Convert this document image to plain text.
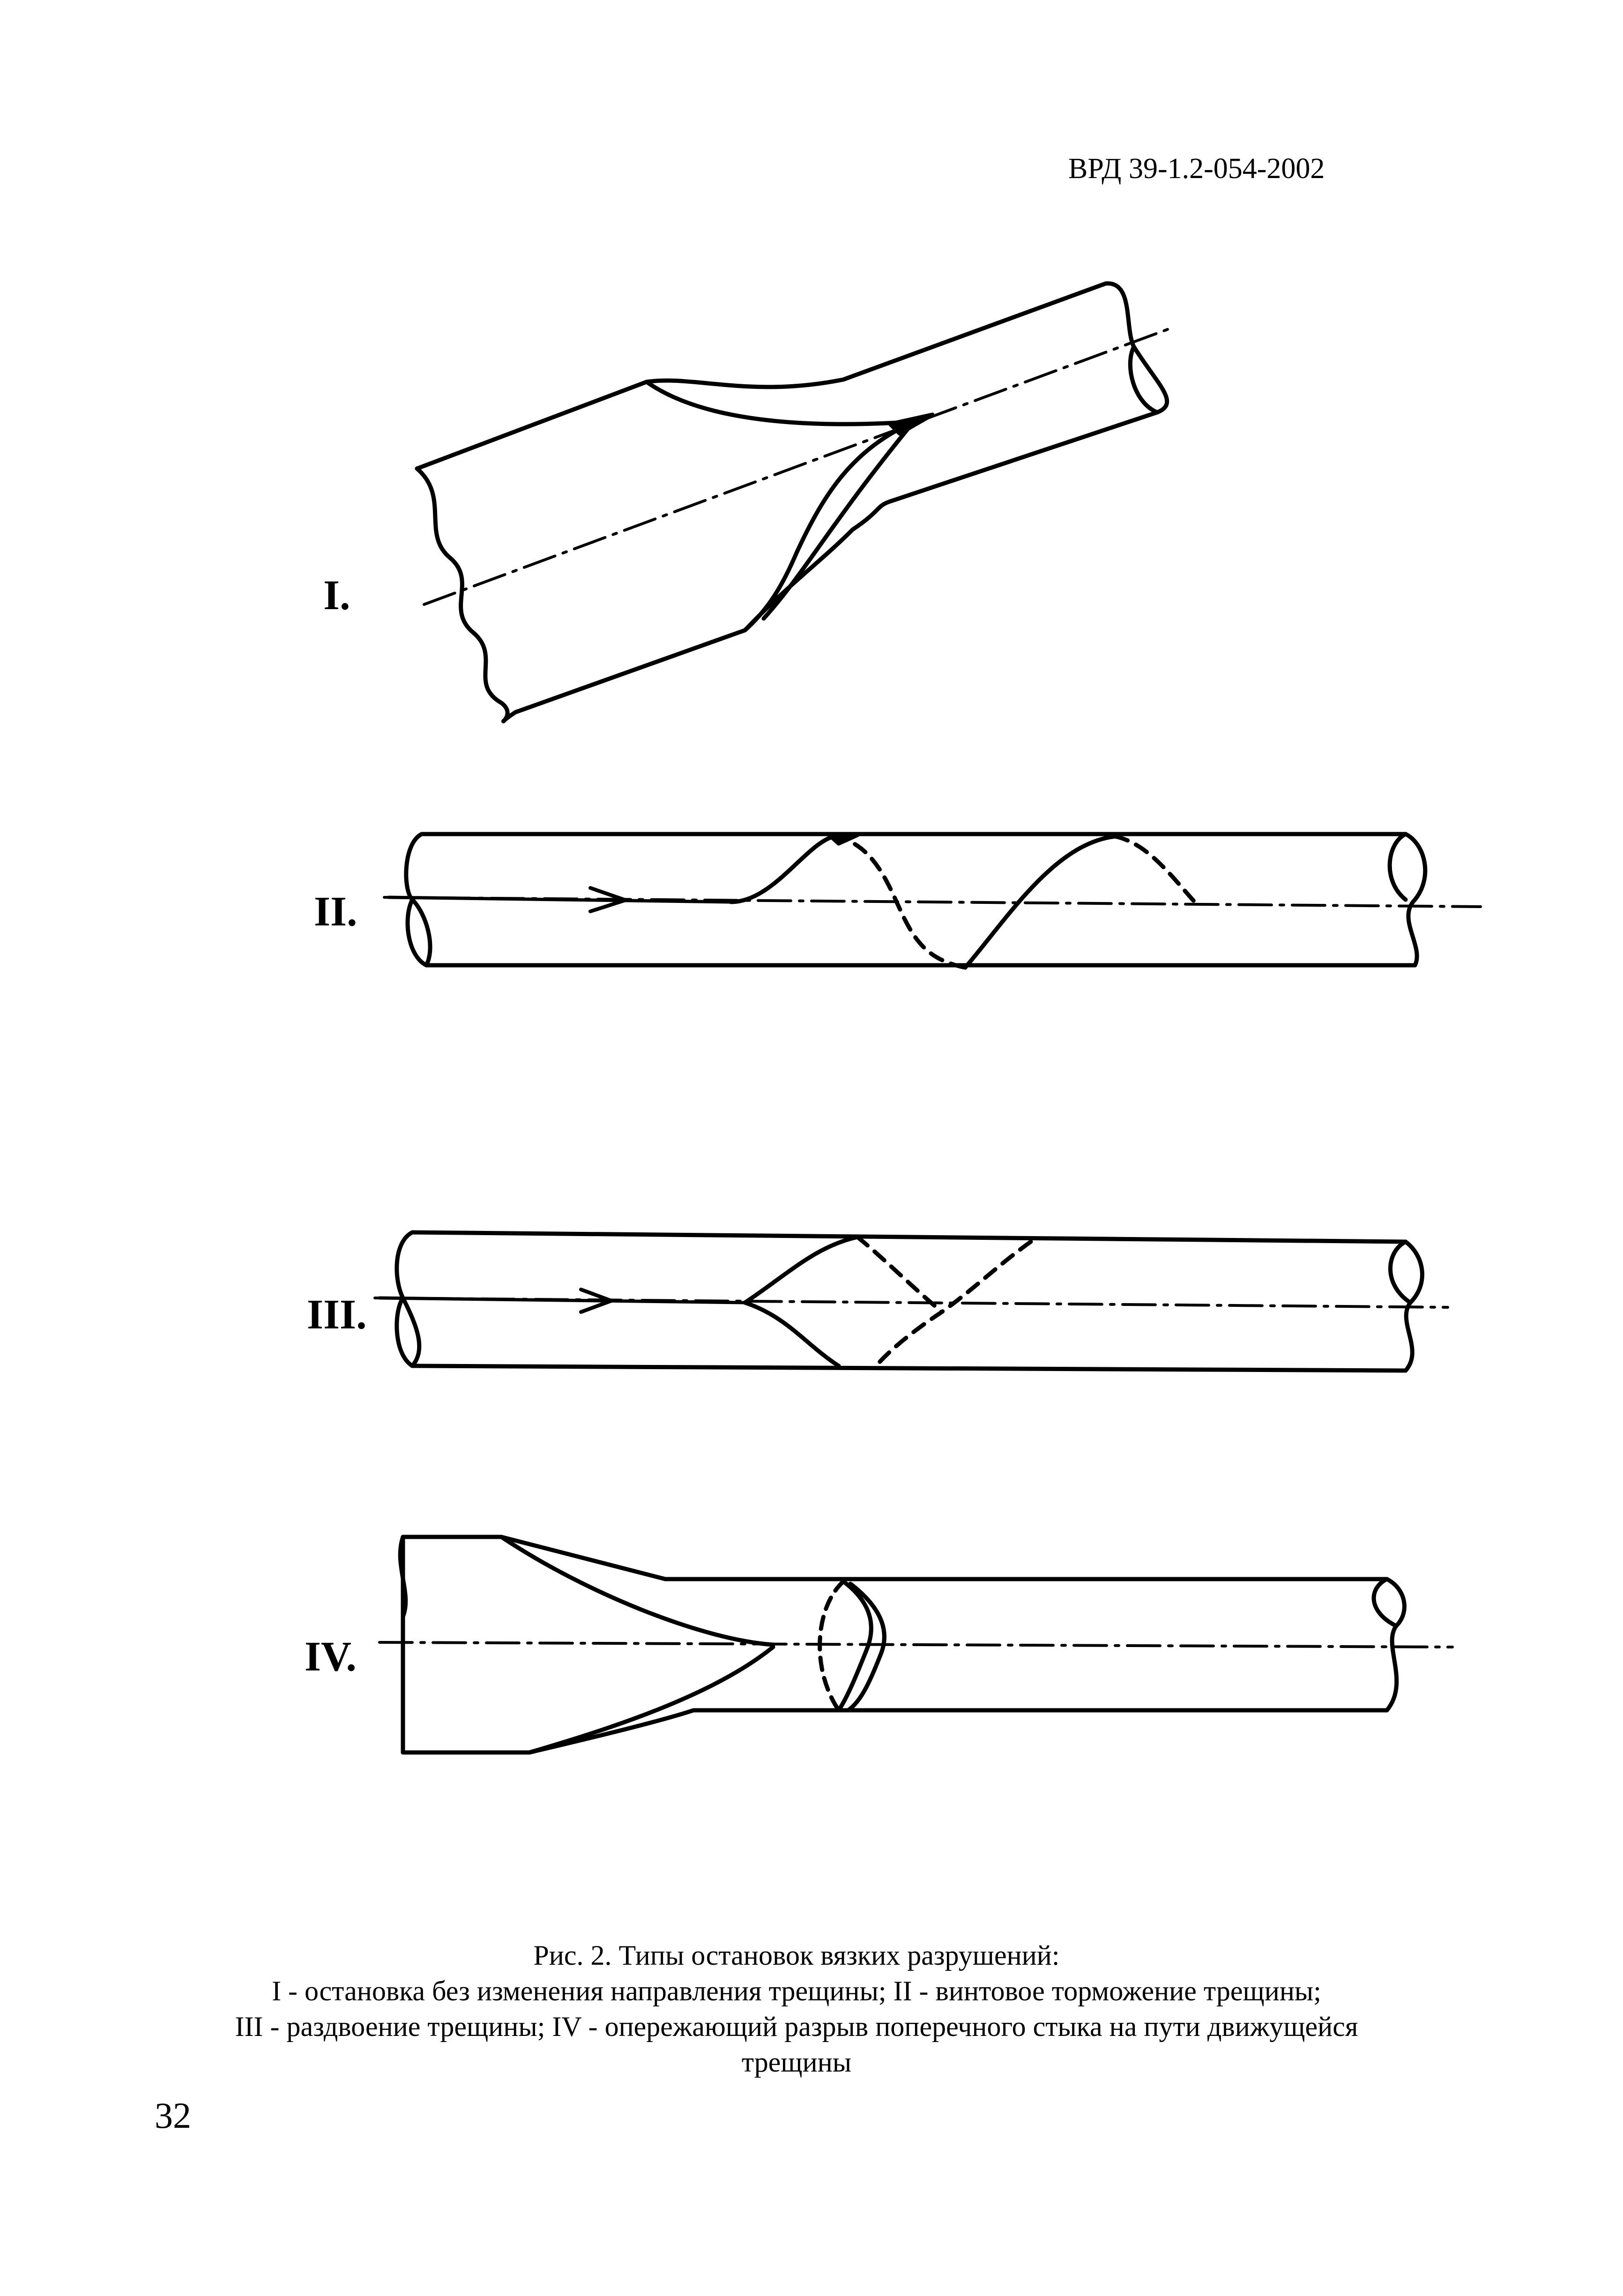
ВРД 39-1.2-054-2002
I.
II.
III.
IV.
Рис. 2. Типы остановок вязких разрушений:
I - остановка без изменения направления трещины; II - винтовое торможение трещины;
III - раздвоение трещины; IV - опережающий разрыв поперечного стыка на пути движущейся
трещины
32
